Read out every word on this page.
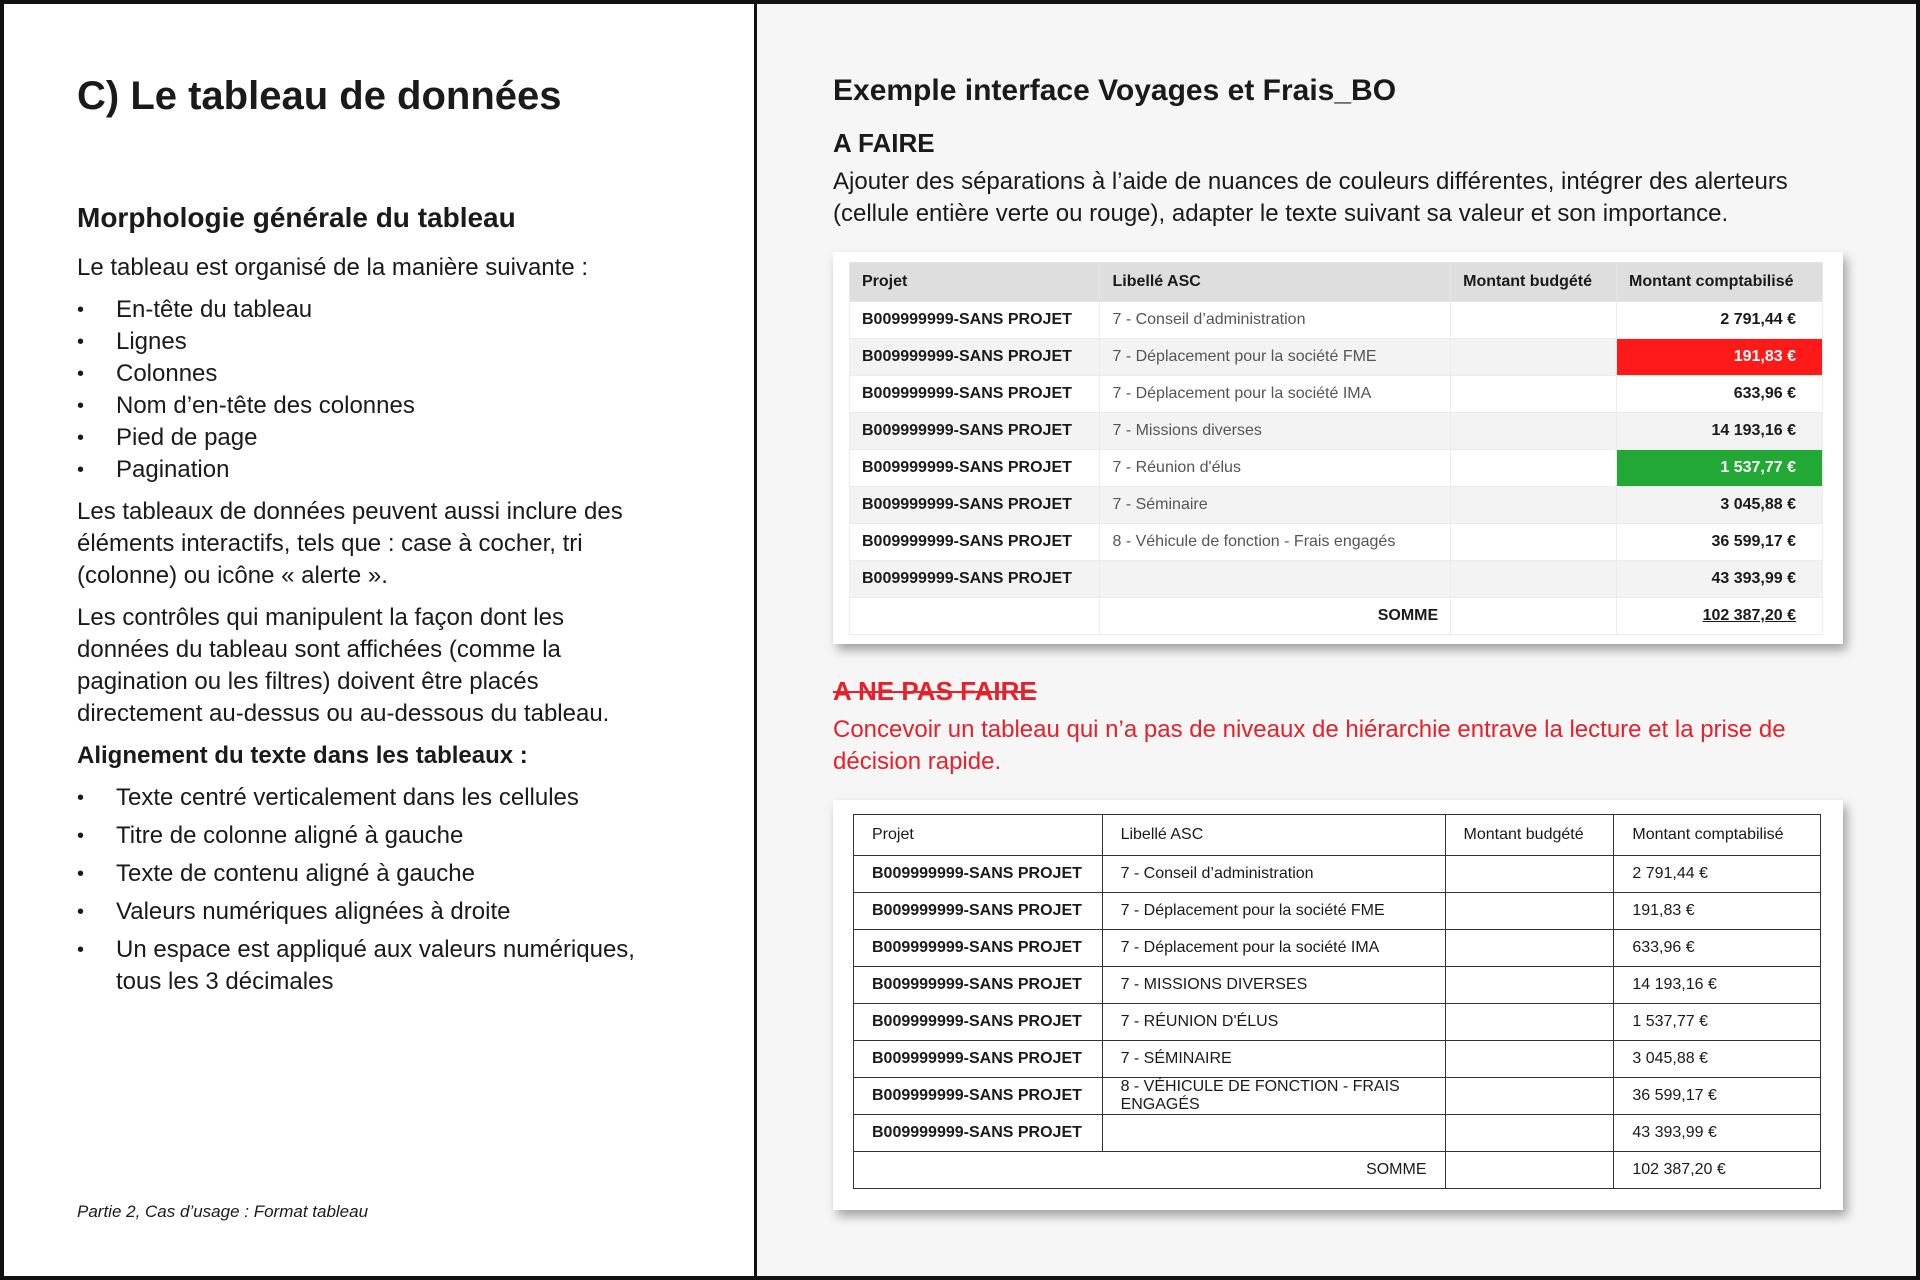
C) Le tableau de données
Morphologie générale du tableau

Le tableau est organisé de la manière suivante :

• En-tête du tableau
• Lignes
• Colonnes
• Nom d’en-tête des colonnes
• Pied de page
• Pagination

Les tableaux de données peuvent aussi inclure des éléments interactifs, tels que : case à cocher, tri (colonne) ou icône « alerte ».

Les contrôles qui manipulent la façon dont les données du tableau sont affichées (comme la pagination ou les filtres) doivent être placés directement au-dessus ou au-dessous du tableau.

Alignement du texte dans les tableaux :

• Texte centré verticalement dans les cellules
• Titre de colonne aligné à gauche
• Texte de contenu aligné à gauche
• Valeurs numériques alignées à droite
• Un espace est appliqué aux valeurs numériques, tous les 3 décimales
Partie 2, Cas d’usage : Format tableau
Exemple interface Voyages et Frais_BO
A FAIRE

Ajouter des séparations à l’aide de nuances de couleurs différentes, intégrer des alerteurs (cellule entière verte ou rouge), adapter le texte suivant sa valeur et son importance.

Projet	Libellé ASC	Montant budgété	Montant comptabilisé
B009999999-SANS PROJET	7 - Conseil d’administration		2 791,44 €
B009999999-SANS PROJET	7 - Déplacement pour la société FME		191,83 €
B009999999-SANS PROJET	7 - Déplacement pour la société IMA		633,96 €
B009999999-SANS PROJET	7 - Missions diverses		14 193,16 €
B009999999-SANS PROJET	7 - Réunion d'élus		1 537,77 €
B009999999-SANS PROJET	7 - Séminaire		3 045,88 €
B009999999-SANS PROJET	8 - Véhicule de fonction - Frais engagés		36 599,17 €
B009999999-SANS PROJET			43 393,99 €
	SOMME		102 387,20 €
A NE PAS FAIRE

Concevoir un tableau qui n’a pas de niveaux de hiérarchie entrave la lecture et la prise de décision rapide.

Projet	Libellé ASC	Montant budgété	Montant comptabilisé
B009999999-SANS PROJET	7 - Conseil d’administration		2 791,44 €
B009999999-SANS PROJET	7 - Déplacement pour la société FME		191,83 €
B009999999-SANS PROJET	7 - Déplacement pour la société IMA		633,96 €
B009999999-SANS PROJET	7 - MISSIONS DIVERSES		14 193,16 €
B009999999-SANS PROJET	7 - RÉUNION D'ÉLUS		1 537,77 €
B009999999-SANS PROJET	7 - SÉMINAIRE		3 045,88 €
B009999999-SANS PROJET	8 - VÉHICULE DE FONCTION - FRAIS ENGAGÉS		36 599,17 €
B009999999-SANS PROJET			43 393,99 €
SOMME			102 387,20 €
